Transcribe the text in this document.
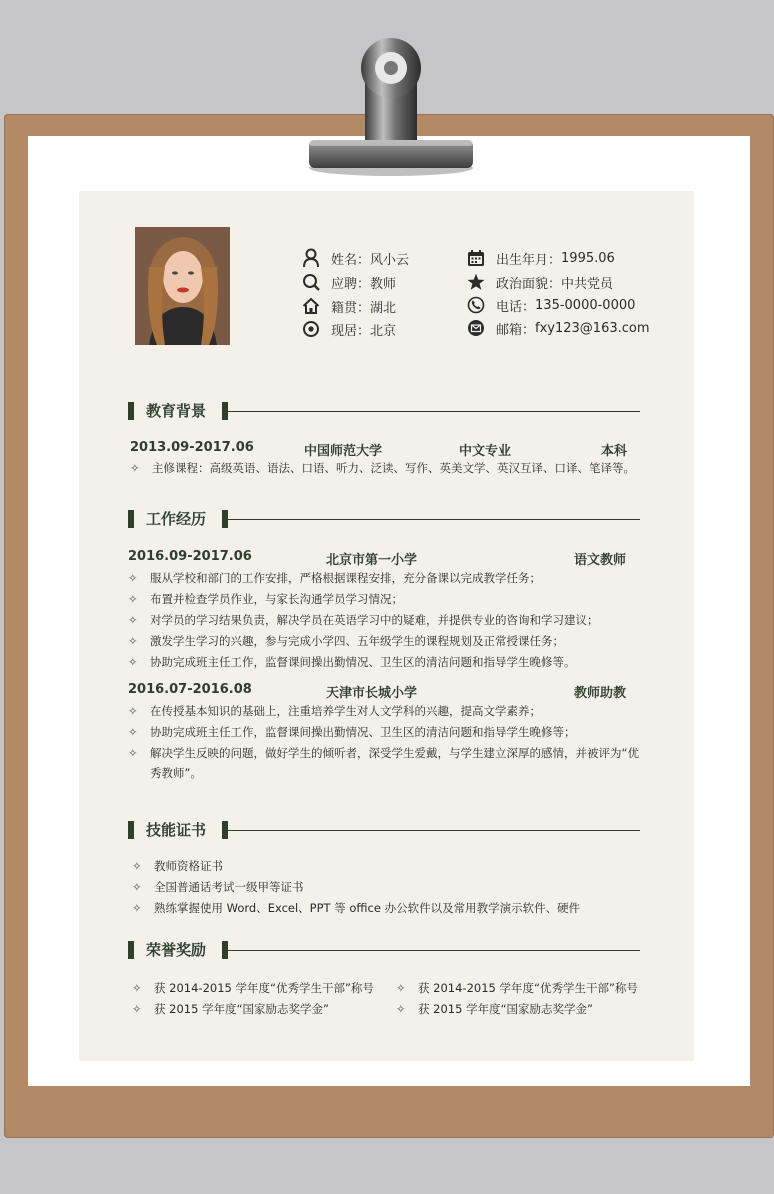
姓名 ：	风小云
应聘 ：	教师
籍贯 ：	湖北
现居 ：	北京
出生年月 ：	1995.06
政治面貌 ：	中共党员
电话 ：	135-0000-0000
邮箱 ：	fxy123@163.com
教育背景
2013.09-2017.06	中国师范大学	中文专业	本科
✧ 主修课程：高级英语、语法、口语、听力、泛读、写作、英美文学、英汉互译、口译、笔译等。
工作经历
2016.09-2017.06	北京市第一小学	语文教师
✧ 服从学校和部门的工作安排，严格根据课程安排，充分备课以完成教学任务；
✧ 布置并检查学员作业，与家长沟通学员学习情况；
✧ 对学员的学习结果负责，解决学员在英语学习中的疑难，并提供专业的咨询和学习建议；
✧ 激发学生学习的兴趣，参与完成小学四、五年级学生的课程规划及正常授课任务；
✧ 协助完成班主任工作，监督课间操出勤情况、卫生区的清洁问题和指导学生晚修等。
2016.07-2016.08	天津市长城小学	教师助教
✧ 在传授基本知识的基础上，注重培养学生对人文学科的兴趣，提高文学素养；
✧ 协助完成班主任工作，监督课间操出勤情况、卫生区的清洁问题和指导学生晚修等；
✧	解决学生反映的问题，做好学生的倾听者，深受学生爱戴，与学生建立深厚的感情，并被评为“优秀教师”。
技能证书
✧ 教师资格证书
✧ 全国普通话考试一级甲等证书
✧ 熟练掌握使用 Word、Excel、PPT 等 office 办公软件以及常用教学演示软件、硬件
荣誉奖励
✧ 获 2014-2015 学年度“优秀学生干部”称号 ✧ 获 2014-2015 学年度“优秀学生干部”称号
✧ 获 2015 学年度“国家励志奖学金”	✧ 获 2015 学年度“国家励志奖学金”
